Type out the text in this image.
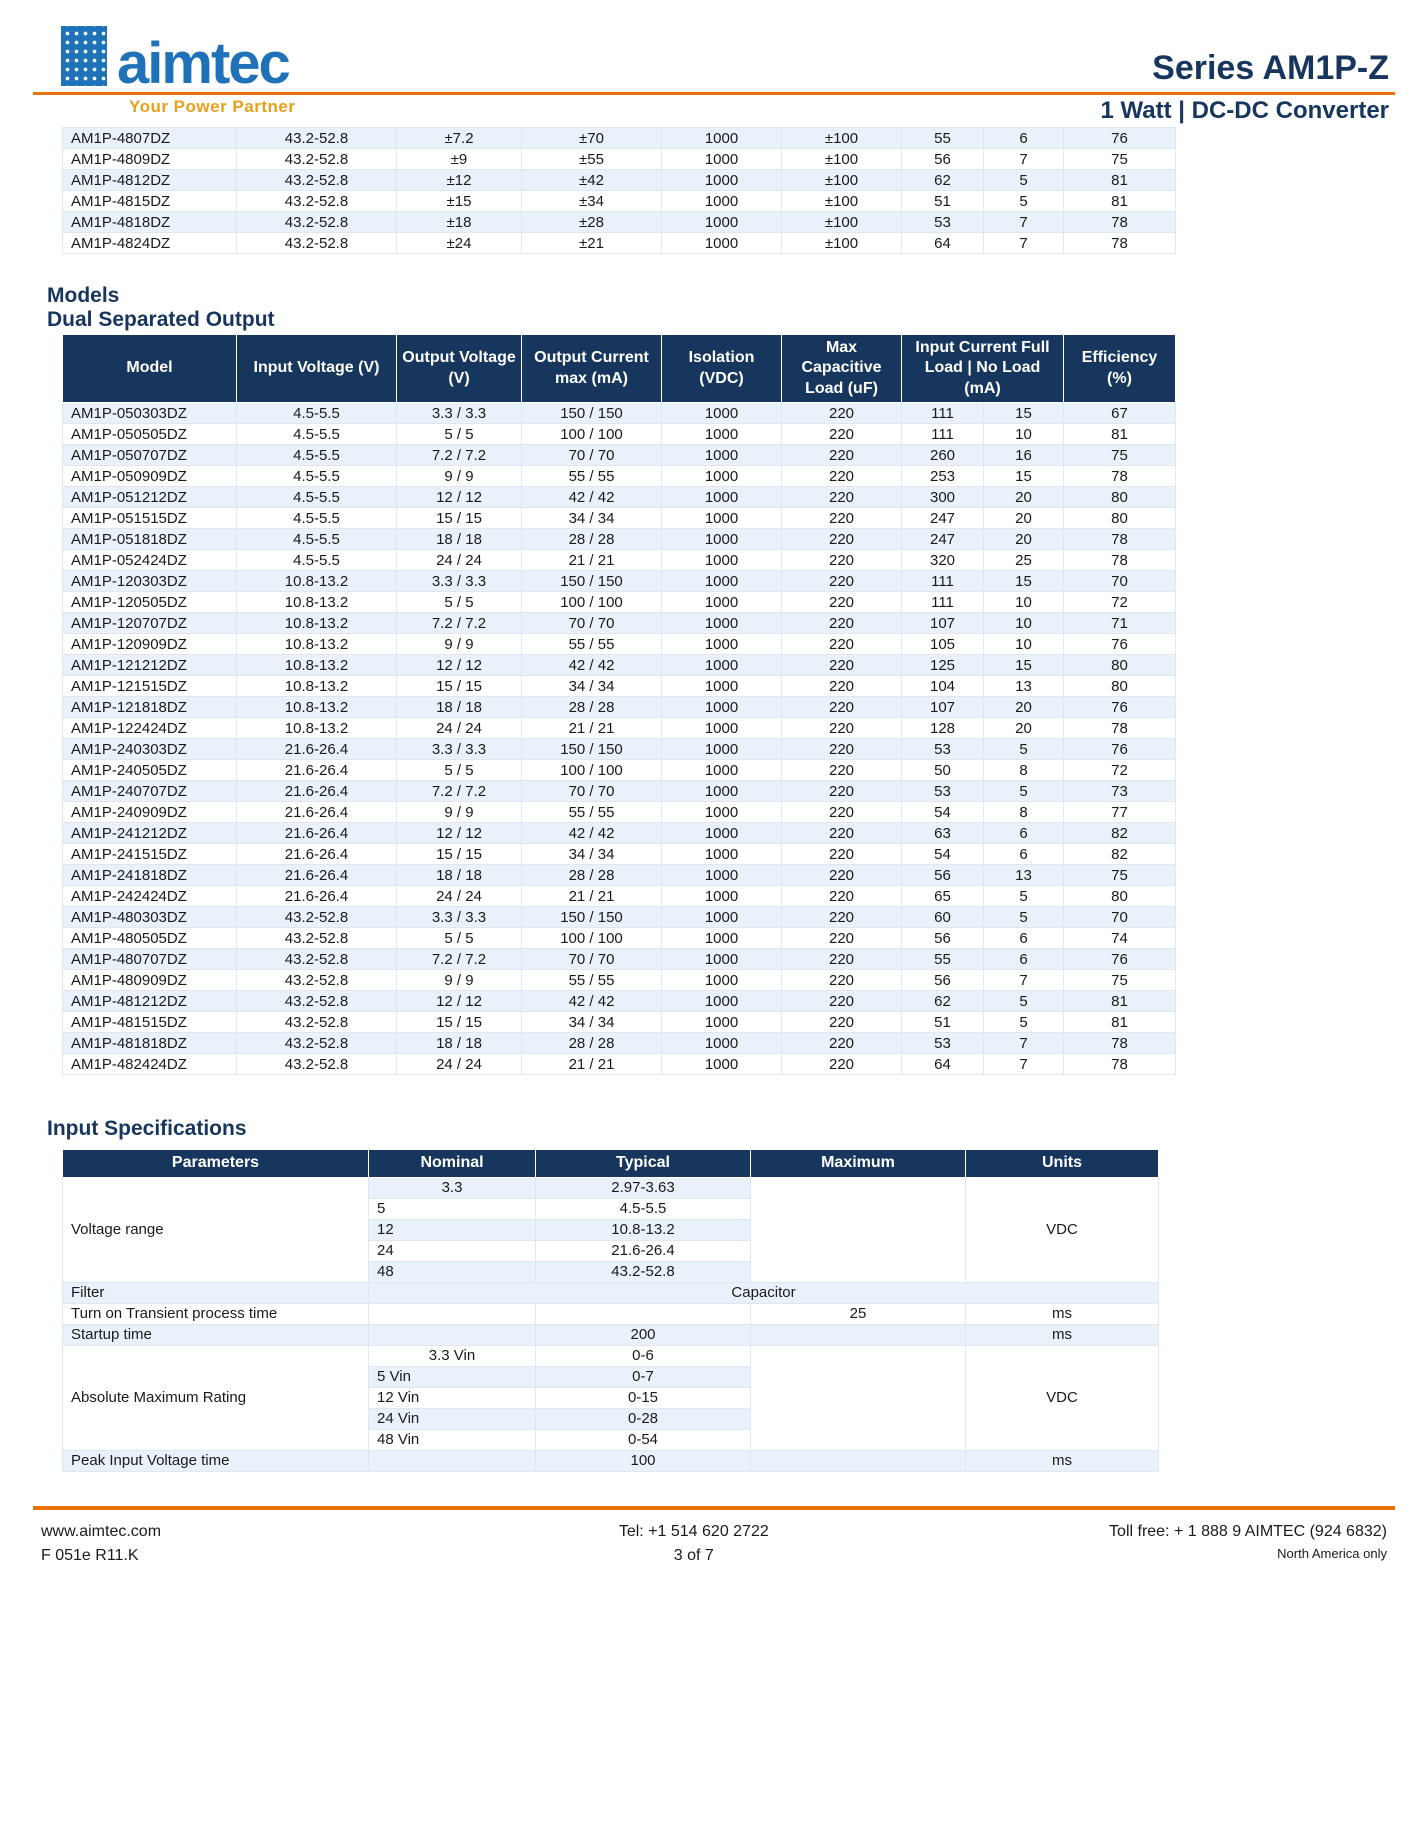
aimtec	Series AM1P-Z
Your Power Partner	1 Watt | DC-DC Converter
AM1P-4807DZ	43.2-52.8	±7.2	±70	1000	±100	55	6	76
AM1P-4809DZ	43.2-52.8	±9	±55	1000	±100	56	7	75
AM1P-4812DZ	43.2-52.8	±12	±42	1000	±100	62	5	81
AM1P-4815DZ	43.2-52.8	±15	±34	1000	±100	51	5	81
AM1P-4818DZ	43.2-52.8	±18	±28	1000	±100	53	7	78
AM1P-4824DZ	43.2-52.8	±24	±21	1000	±100	64	7	78
Models
Dual Separated Output
Model	Input Voltage (V)	Output Voltage (V)	Output Current max (mA)	Isolation (VDC)	Max Capacitive Load (uF)	Input Current Full Load | No Load (mA)		Efficiency (%)
AM1P-050303DZ	4.5-5.5	3.3 / 3.3	150 / 150	1000	220	111	15	67
AM1P-050505DZ	4.5-5.5	5 / 5	100 / 100	1000	220	111	10	81
AM1P-050707DZ	4.5-5.5	7.2 / 7.2	70 / 70	1000	220	260	16	75
AM1P-050909DZ	4.5-5.5	9 / 9	55 / 55	1000	220	253	15	78
AM1P-051212DZ	4.5-5.5	12 / 12	42 / 42	1000	220	300	20	80
AM1P-051515DZ	4.5-5.5	15 / 15	34 / 34	1000	220	247	20	80
AM1P-051818DZ	4.5-5.5	18 / 18	28 / 28	1000	220	247	20	78
AM1P-052424DZ	4.5-5.5	24 / 24	21 / 21	1000	220	320	25	78
AM1P-120303DZ	10.8-13.2	3.3 / 3.3	150 / 150	1000	220	111	15	70
AM1P-120505DZ	10.8-13.2	5 / 5	100 / 100	1000	220	111	10	72
AM1P-120707DZ	10.8-13.2	7.2 / 7.2	70 / 70	1000	220	107	10	71
AM1P-120909DZ	10.8-13.2	9 / 9	55 / 55	1000	220	105	10	76
AM1P-121212DZ	10.8-13.2	12 / 12	42 / 42	1000	220	125	15	80
AM1P-121515DZ	10.8-13.2	15 / 15	34 / 34	1000	220	104	13	80
AM1P-121818DZ	10.8-13.2	18 / 18	28 / 28	1000	220	107	20	76
AM1P-122424DZ	10.8-13.2	24 / 24	21 / 21	1000	220	128	20	78
AM1P-240303DZ	21.6-26.4	3.3 / 3.3	150 / 150	1000	220	53	5	76
AM1P-240505DZ	21.6-26.4	5 / 5	100 / 100	1000	220	50	8	72
AM1P-240707DZ	21.6-26.4	7.2 / 7.2	70 / 70	1000	220	53	5	73
AM1P-240909DZ	21.6-26.4	9 / 9	55 / 55	1000	220	54	8	77
AM1P-241212DZ	21.6-26.4	12 / 12	42 / 42	1000	220	63	6	82
AM1P-241515DZ	21.6-26.4	15 / 15	34 / 34	1000	220	54	6	82
AM1P-241818DZ	21.6-26.4	18 / 18	28 / 28	1000	220	56	13	75
AM1P-242424DZ	21.6-26.4	24 / 24	21 / 21	1000	220	65	5	80
AM1P-480303DZ	43.2-52.8	3.3 / 3.3	150 / 150	1000	220	60	5	70
AM1P-480505DZ	43.2-52.8	5 / 5	100 / 100	1000	220	56	6	74
AM1P-480707DZ	43.2-52.8	7.2 / 7.2	70 / 70	1000	220	55	6	76
AM1P-480909DZ	43.2-52.8	9 / 9	55 / 55	1000	220	56	7	75
AM1P-481212DZ	43.2-52.8	12 / 12	42 / 42	1000	220	62	5	81
AM1P-481515DZ	43.2-52.8	15 / 15	34 / 34	1000	220	51	5	81
AM1P-481818DZ	43.2-52.8	18 / 18	28 / 28	1000	220	53	7	78
AM1P-482424DZ	43.2-52.8	24 / 24	21 / 21	1000	220	64	7	78
Input Specifications
Parameters	Nominal	Typical	Maximum	Units
Voltage range	3.3	2.97-3.63		VDC
	5	4.5-5.5		
	12	10.8-13.2		
	24	21.6-26.4		
	48	43.2-52.8		
Filter	Capacitor			
Turn on Transient process time			25	ms
Startup time		200		ms
Absolute Maximum Rating	3.3 Vin	0-6		VDC
	5 Vin	0-7		
	12 Vin	0-15		
	24 Vin	0-28		
	48 Vin	0-54		
Peak Input Voltage time		100		ms
www.aimtec.com
F 051e R11.K
Tel: +1 514 620 2722
3 of 7
Toll free: + 1 888 9 AIMTEC (924 6832)
North America only
